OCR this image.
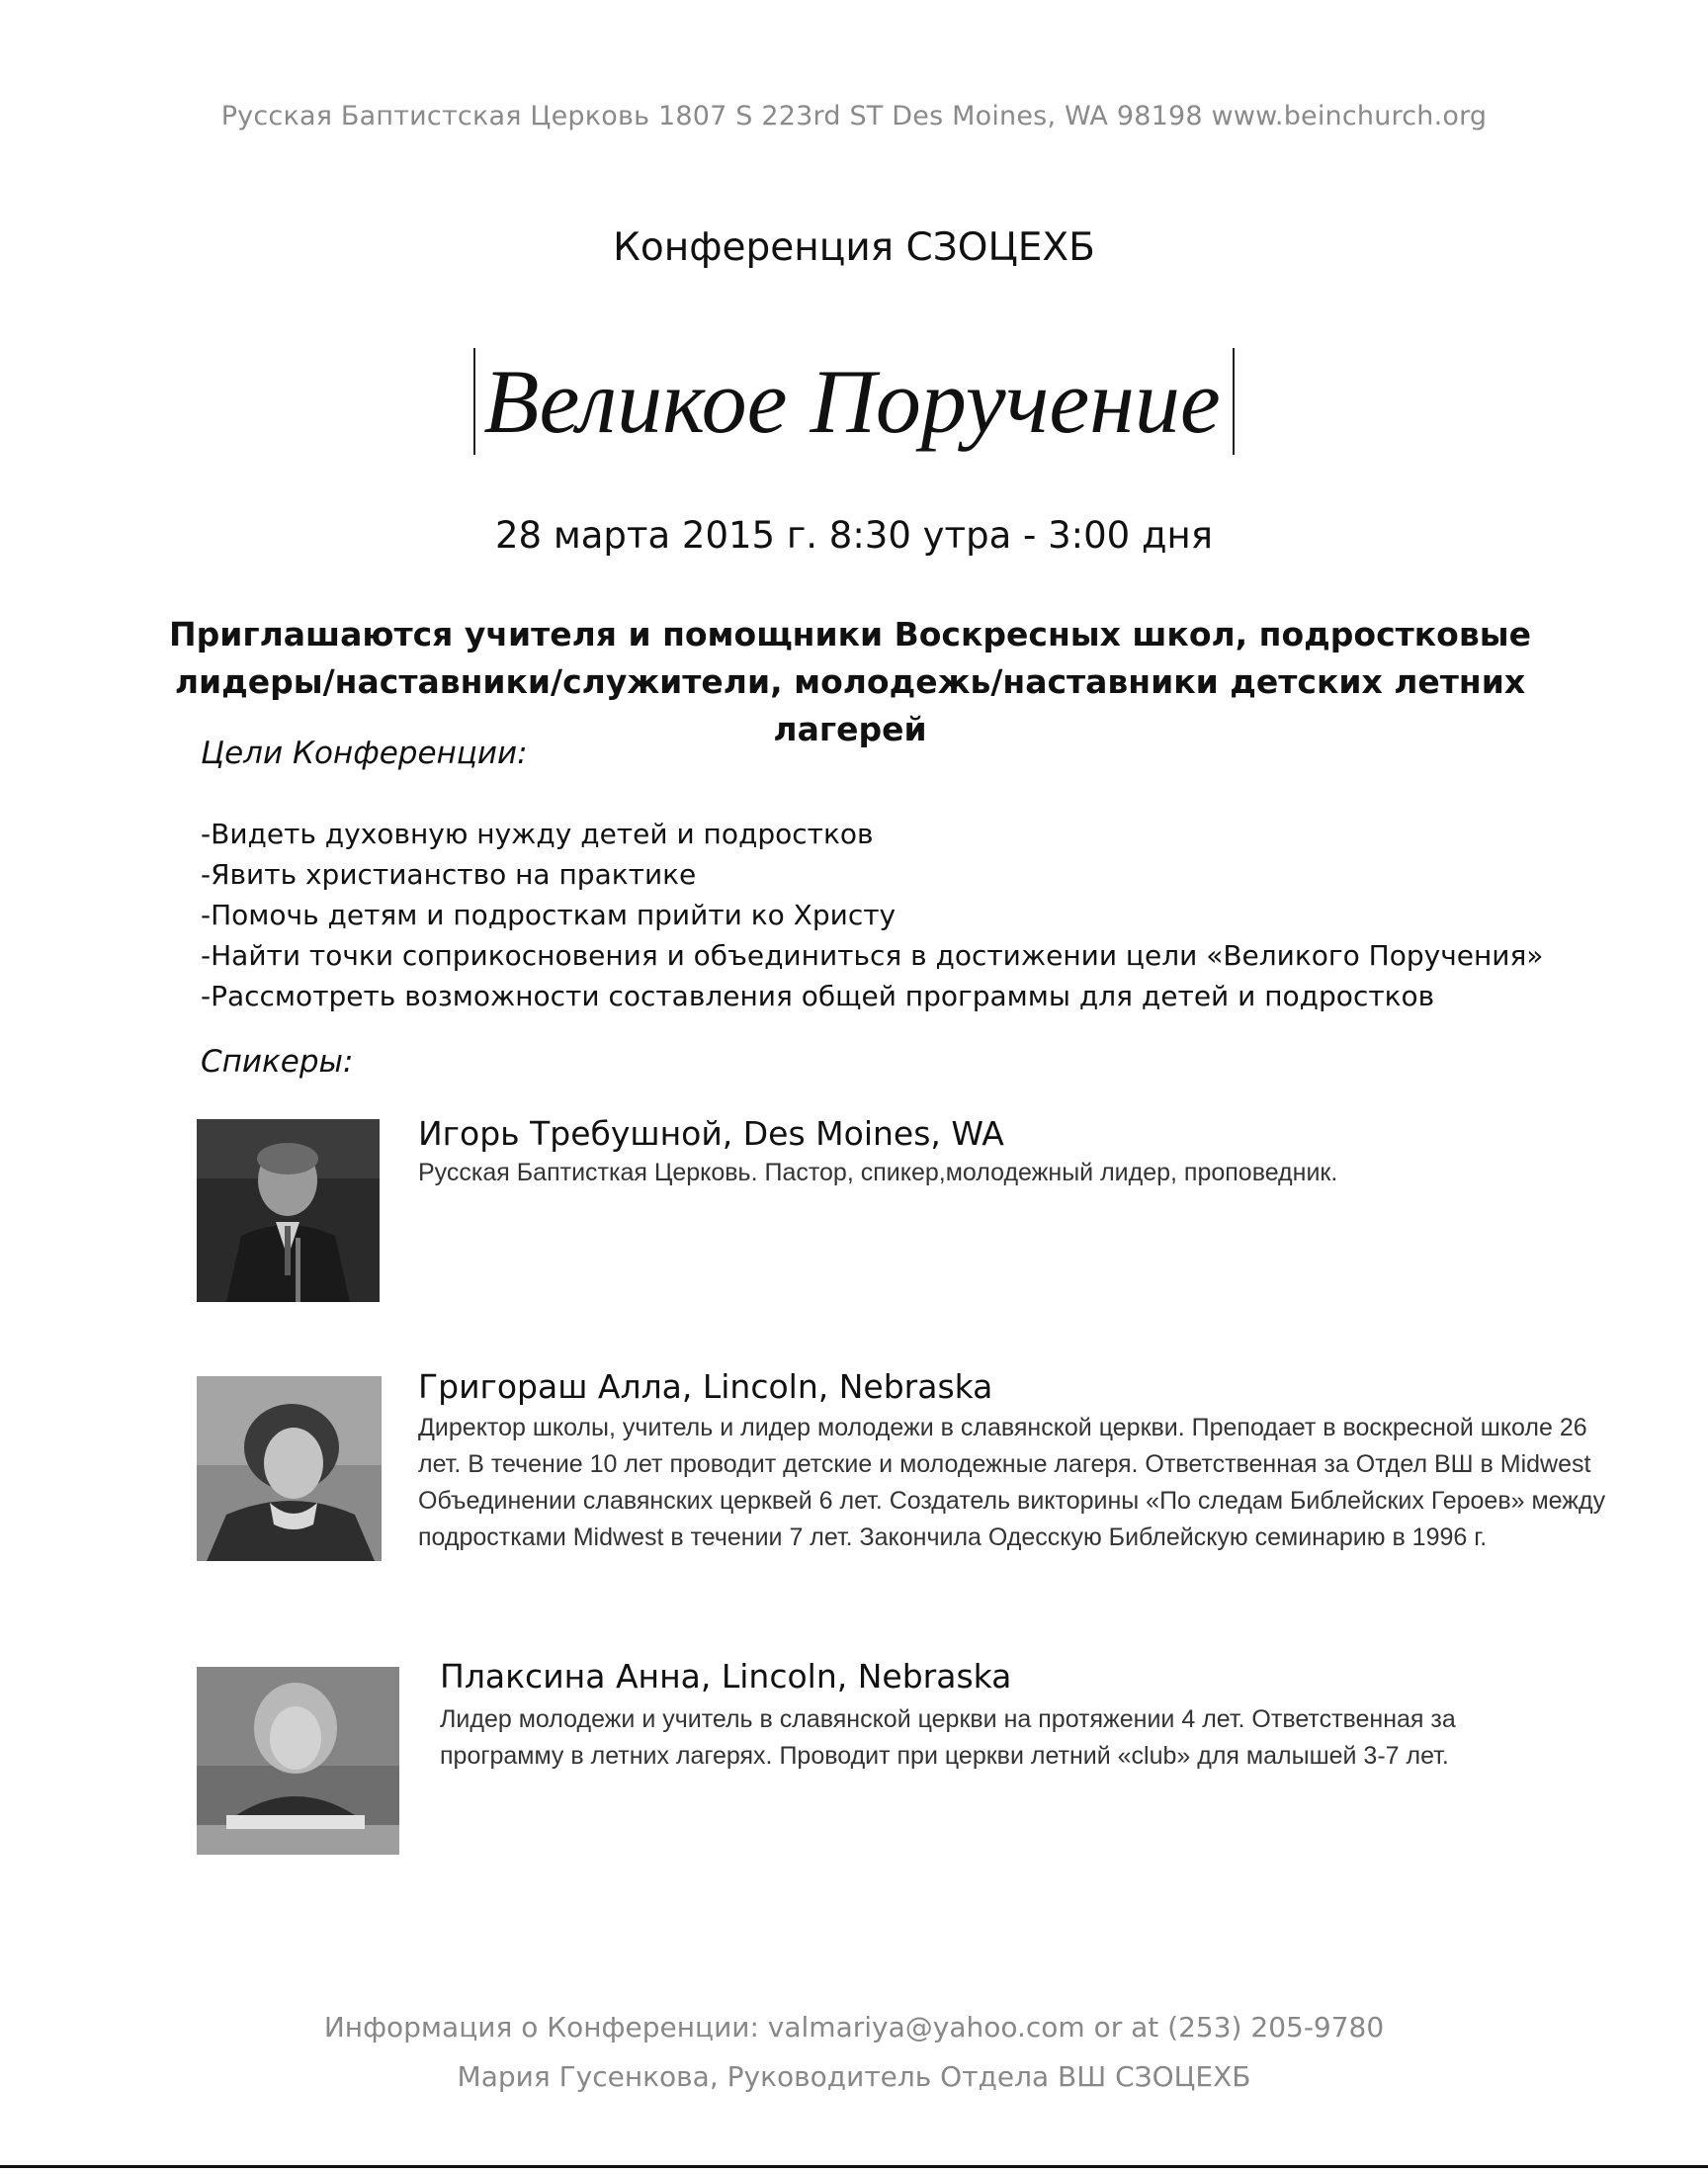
Русская Баптистская Церковь 1807 S 223rd ST Des Moines, WA 98198 www.beinchurch.org
Конференция СЗОЦЕХБ
Великое Поручение
28 марта 2015 г. 8:30 утра - 3:00 дня
Приглашаются учителя и помощники Воскресных школ, подростковые лидеры/наставники/служители, молодежь/наставники детских летних лагерей
Цели Конференции:
-Видеть духовную нужду детей и подростков
-Явить христианство на практике
-Помочь детям и подросткам прийти ко Христу
-Найти точки соприкосновения и объединиться в достижении цели «Великого Поручения»
-Рассмотреть возможности составления общей программы для детей и подростков
Спикеры:
Игорь Требушной, Des Moines, WA
Русская Баптисткая Церковь. Пастор, спикер,молодежный лидер, проповедник.
Григораш Алла, Lincoln, Nebraska
Директор школы, учитель и лидер молодежи в славянской церкви. Преподает в воскресной школе 26 лет. В течение 10 лет проводит детские и молодежные лагеря. Ответственная за Отдел ВШ в Midwest Объединении славянских церквей 6 лет. Создатель викторины «По следам Библейских Героев» между подростками Midwest в течении 7 лет. Закончила Одесскую Библейскую семинарию в 1996 г.
Плаксина Анна, Lincoln, Nebraska
Лидер молодежи и учитель в славянской церкви на протяжении 4 лет. Ответственная за программу в летних лагерях. Проводит при церкви летний «club» для малышей 3-7 лет.
Информация о Конференции: valmariya@yahoo.com or at (253) 205-9780
Мария Гусенкова, Руководитель Отдела ВШ СЗОЦЕХБ
